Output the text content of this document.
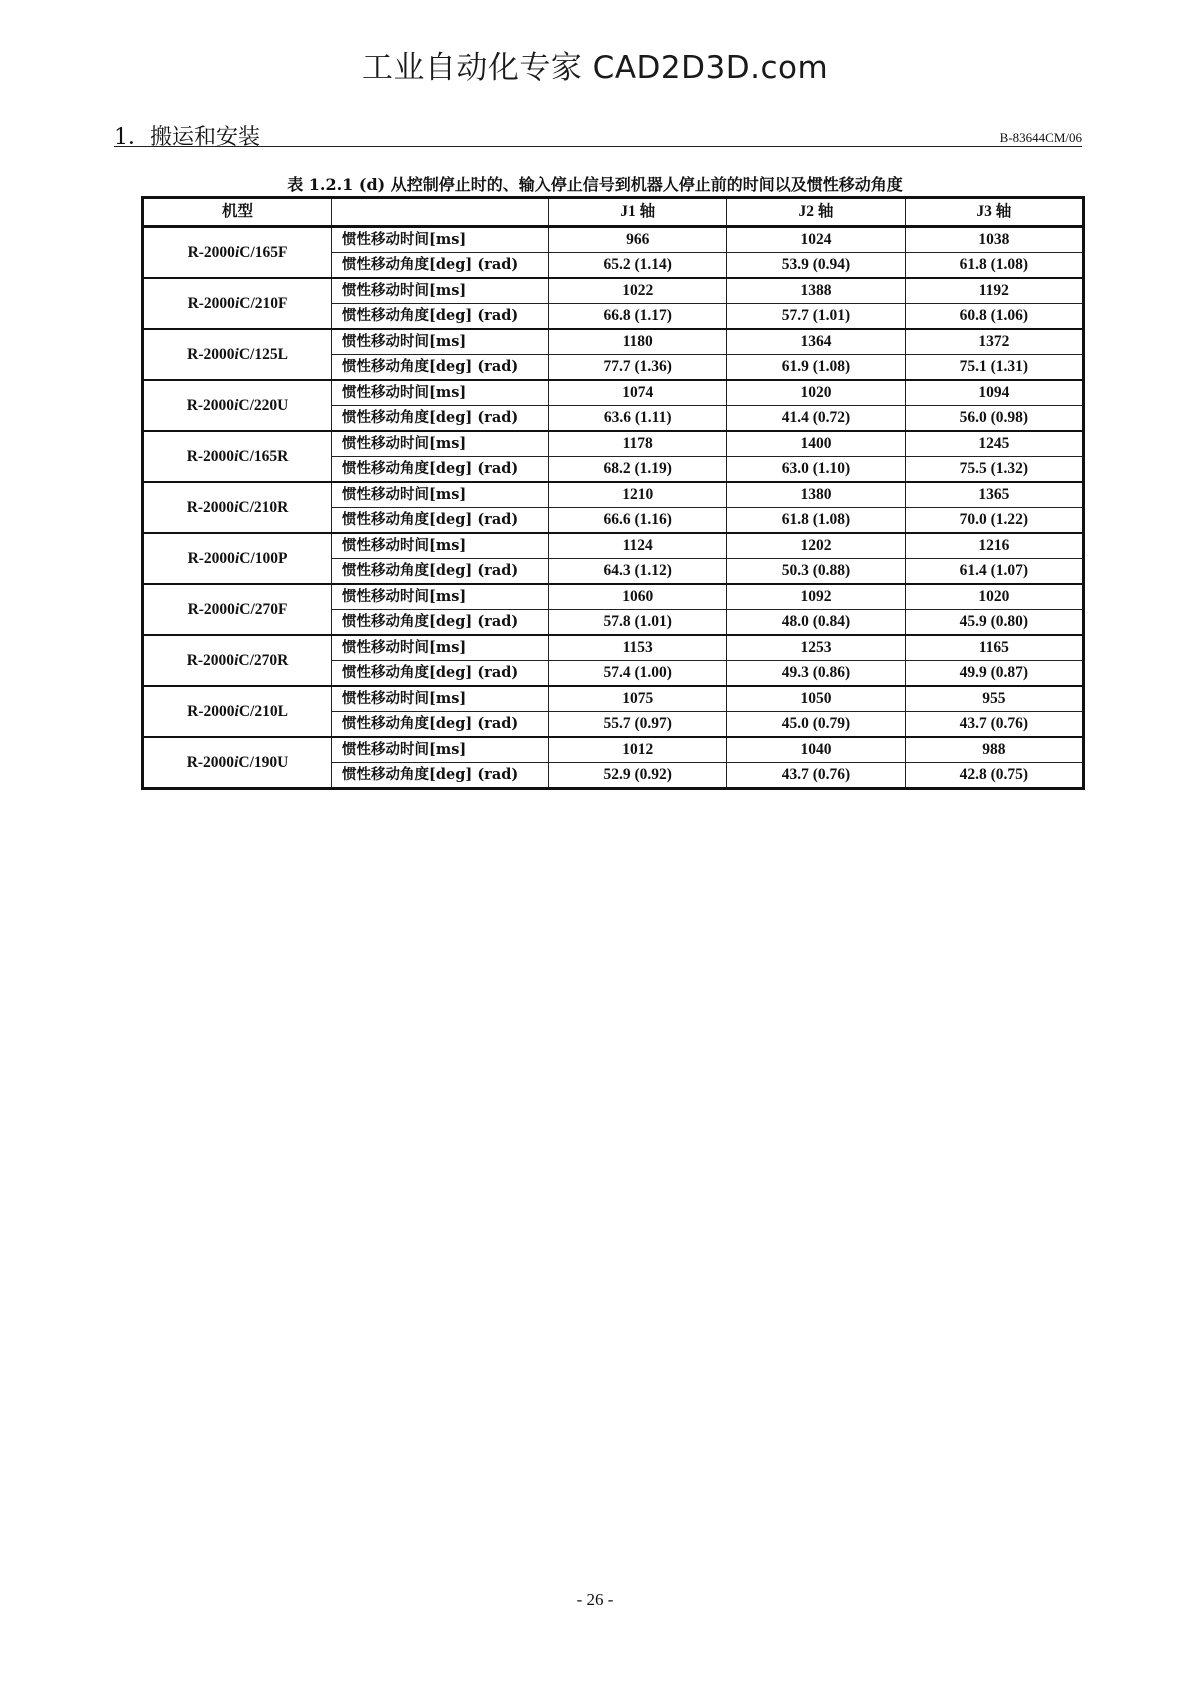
工业自动化专家 CAD2D3D.com
1．搬运和安装	B-83644CM/06
表 1.2.1 (d) 从控制停止时的、输入停止信号到机器人停止前的时间以及惯性移动角度
机型		J1 轴	J2 轴	J3 轴
R-2000iC/165F	惯性移动时间[ms]	966	1024	1038
	惯性移动角度[deg] (rad)	65.2 (1.14)	53.9 (0.94)	61.8 (1.08)
R-2000iC/210F	惯性移动时间[ms]	1022	1388	1192
	惯性移动角度[deg] (rad)	66.8 (1.17)	57.7 (1.01)	60.8 (1.06)
R-2000iC/125L	惯性移动时间[ms]	1180	1364	1372
	惯性移动角度[deg] (rad)	77.7 (1.36)	61.9 (1.08)	75.1 (1.31)
R-2000iC/220U	惯性移动时间[ms]	1074	1020	1094
	惯性移动角度[deg] (rad)	63.6 (1.11)	41.4 (0.72)	56.0 (0.98)
R-2000iC/165R	惯性移动时间[ms]	1178	1400	1245
	惯性移动角度[deg] (rad)	68.2 (1.19)	63.0 (1.10)	75.5 (1.32)
R-2000iC/210R	惯性移动时间[ms]	1210	1380	1365
	惯性移动角度[deg] (rad)	66.6 (1.16)	61.8 (1.08)	70.0 (1.22)
R-2000iC/100P	惯性移动时间[ms]	1124	1202	1216
	惯性移动角度[deg] (rad)	64.3 (1.12)	50.3 (0.88)	61.4 (1.07)
R-2000iC/270F	惯性移动时间[ms]	1060	1092	1020
	惯性移动角度[deg] (rad)	57.8 (1.01)	48.0 (0.84)	45.9 (0.80)
R-2000iC/270R	惯性移动时间[ms]	1153	1253	1165
	惯性移动角度[deg] (rad)	57.4 (1.00)	49.3 (0.86)	49.9 (0.87)
R-2000iC/210L	惯性移动时间[ms]	1075	1050	955
	惯性移动角度[deg] (rad)	55.7 (0.97)	45.0 (0.79)	43.7 (0.76)
R-2000iC/190U	惯性移动时间[ms]	1012	1040	988
	惯性移动角度[deg] (rad)	52.9 (0.92)	43.7 (0.76)	42.8 (0.75)
- 26 -
